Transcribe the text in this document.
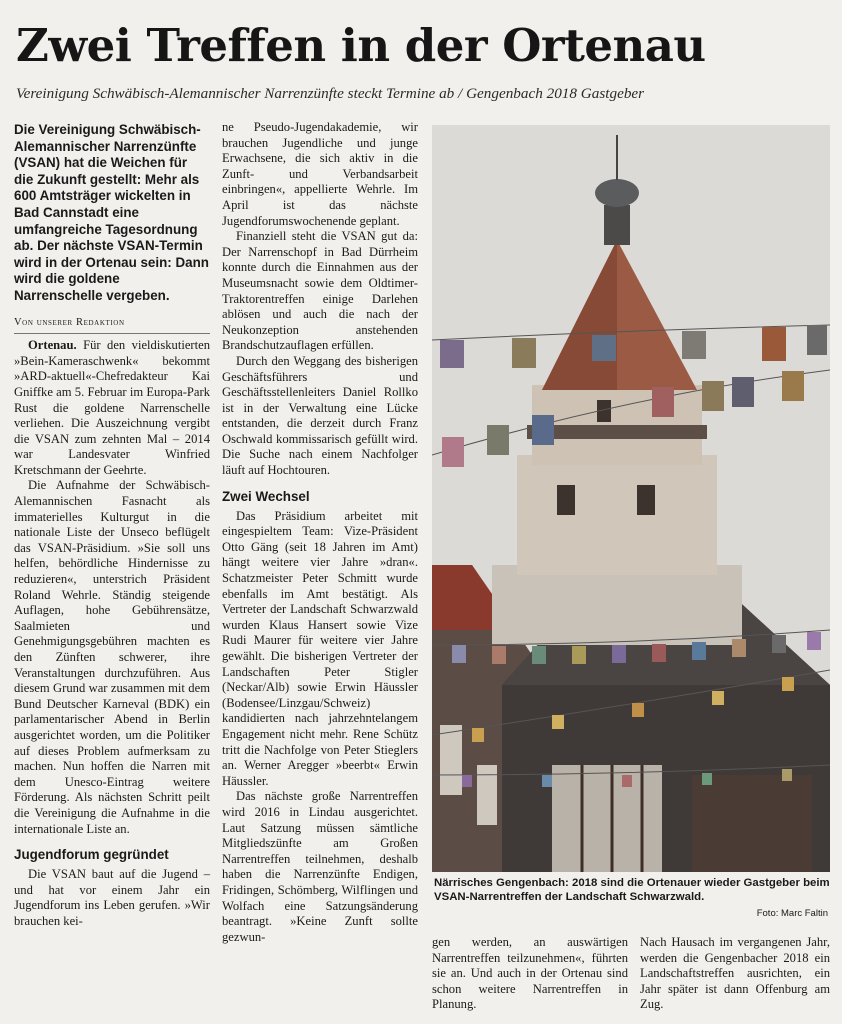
Zwei Treffen in der Ortenau
Vereinigung Schwäbisch-Alemannischer Narrenzünfte steckt Termine ab / Gengenbach 2018 Gastgeber
Die Vereinigung Schwäbisch-Alemannischer Narrenzünfte (VSAN) hat die Weichen für die Zukunft gestellt: Mehr als 600 Amtsträger wickelten in Bad Cannstadt eine umfangreiche Tagesordnung ab. Der nächste VSAN-Termin wird in der Ortenau sein: Dann wird die goldene Narrenschelle vergeben.
Von unserer Redaktion

Ortenau. Für den vieldiskutierten »Bein-Kameraschwenk« bekommt »ARD-aktuell«-Chefredakteur Kai Gniffke am 5. Februar im Europa-Park Rust die goldene Narrenschelle verliehen. Die Auszeichnung vergibt die VSAN zum zehnten Mal – 2014 war Landesvater Winfried Kretschmann der Geehrte.

Die Aufnahme der Schwäbisch-Alemannischen Fasnacht als immaterielles Kulturgut in die nationale Liste der Unseco beflügelt das VSAN-Präsidium. »Sie soll uns helfen, behördliche Hindernisse zu reduzieren«, unterstrich Präsident Roland Wehrle. Ständig steigende Auflagen, hohe Gebührensätze, Saalmieten und Genehmigungsgebühren machten es den Zünften schwerer, ihre Veranstaltungen durchzuführen. Aus diesem Grund war zusammen mit dem Bund Deutscher Karneval (BDK) ein parlamentarischer Abend in Berlin ausgerichtet worden, um die Politiker auf dieses Problem aufmerksam zu machen. Nun hoffen die Narren mit dem Unesco-Eintrag weitere Förderung. Als nächsten Schritt peilt die Vereinigung die Aufnahme in die internationale Liste an.

Jugendforum gegründet

Die VSAN baut auf die Jugend – und hat vor einem Jahr ein Jugendforum ins Leben gerufen. »Wir brauchen kei-

ne Pseudo-Jugendakademie, wir brauchen Jugendliche und junge Erwachsene, die sich aktiv in die Zunft- und Verbandsarbeit einbringen«, appellierte Wehrle. Im April ist das nächste Jugendforumswochenende geplant.

Finanziell steht die VSAN gut da: Der Narrenschopf in Bad Dürrheim konnte durch die Einnahmen aus der Museumsnacht sowie dem Oldtimer-Traktorentreffen einige Darlehen ablösen und auch die nach der Neukonzeption anstehenden Brandschutzauflagen erfüllen.

Durch den Weggang des bisherigen Geschäftsführers und Geschäftsstellenleiters Daniel Rollko ist in der Verwaltung eine Lücke entstanden, die derzeit durch Franz Oschwald kommissarisch gefüllt wird. Die Suche nach einem Nachfolger läuft auf Hochtouren.

Zwei Wechsel

Das Präsidium arbeitet mit eingespieltem Team: Vize-Präsident Otto Gäng (seit 18 Jahren im Amt) hängt weitere vier Jahre »dran«. Schatzmeister Peter Schmitt wurde ebenfalls im Amt bestätigt. Als Vertreter der Landschaft Schwarzwald wurden Klaus Hansert sowie Vize Rudi Maurer für weitere vier Jahre gewählt. Die bisherigen Vertreter der Landschaften Peter Stigler (Neckar/Alb) sowie Erwin Häussler (Bodensee/Linzgau/Schweiz) kandidierten nach jahrzehntelangem Engagement nicht mehr. Rene Schütz tritt die Nachfolge von Peter Stieglers an. Werner Aregger »beerbt« Erwin Häussler.

Das nächste große Narrentreffen wird 2016 in Lindau ausgerichtet. Laut Satzung müssen sämtliche Mitgliedszünfte am Großen Narrentreffen teilnehmen, deshalb haben die Narrenzünfte Endigen, Fridingen, Schömberg, Wilflingen und Wolfach eine Satzungsänderung beantragt. »Keine Zunft sollte gezwun-

Närrisches Gengenbach: 2018 sind die Ortenauer wieder Gastgeber beim VSAN-Narrentreffen der Landschaft Schwarzwald.
Foto: Marc Faltin

gen werden, an auswärtigen Narrentreffen teilzunehmen«, führten sie an. Und auch in der Ortenau sind schon weitere Narrentreffen in Planung.

Nach Hausach im vergangenen Jahr, werden die Gengenbacher 2018 ein Landschaftstreffen ausrichten, ein Jahr später ist dann Offenburg am Zug.
